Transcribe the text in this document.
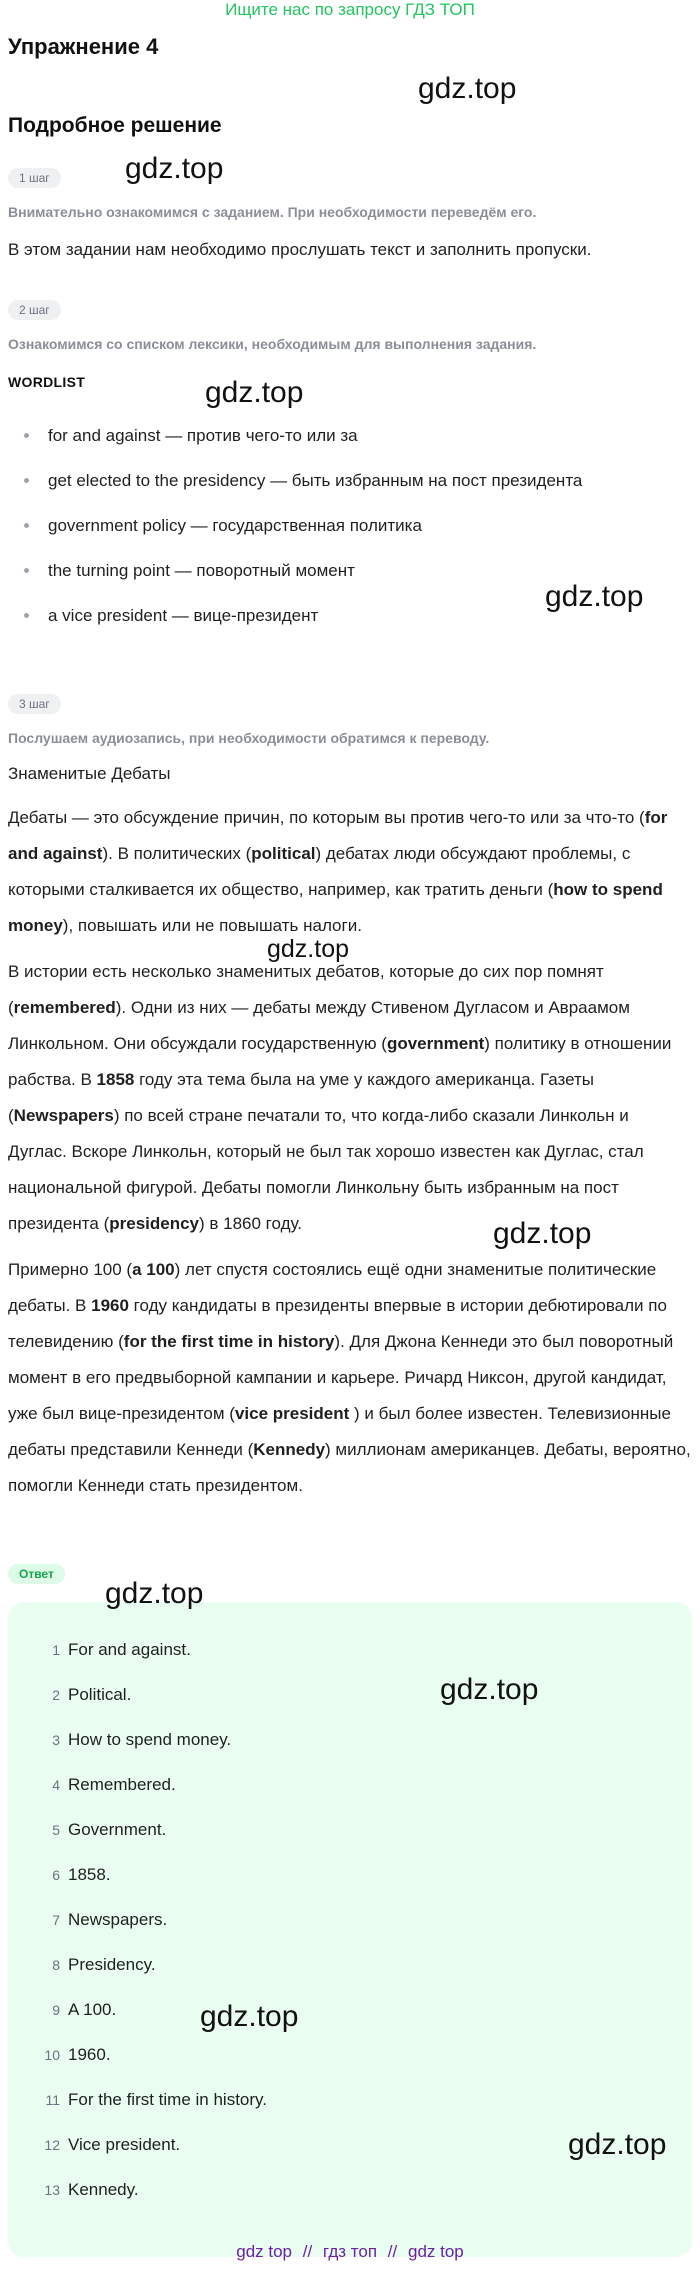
Ищите нас по запросу ГДЗ ТОП
Упражнение 4
Подробное решение
1 шаг
Внимательно ознакомимся с заданием. При необходимости переведём его.
В этом задании нам необходимо прослушать текст и заполнить пропуски.
2 шаг
Ознакомимся со списком лексики, необходимым для выполнения задания.
WORDLIST
for and against — против чего-то или за
get elected to the presidency — быть избранным на пост президента
government policy — государственная политика
the turning point — поворотный момент
a vice president — вице-президент
3 шаг
Послушаем аудиозапись, при необходимости обратимся к переводу.
Знаменитые Дебаты
Дебаты — это обсуждение причин, по которым вы против чего-то или за что-то (for and against). В политических (political) дебатах люди обсуждают проблемы, с которыми сталкивается их общество, например, как тратить деньги (how to spend money), повышать или не повышать налоги.
В истории есть несколько знаменитых дебатов, которые до сих пор помнят (remembered). Одни из них — дебаты между Стивеном Дугласом и Авраамом Линкольном. Они обсуждали государственную (government) политику в отношении рабства. В 1858 году эта тема была на уме у каждого американца. Газеты (Newspapers) по всей стране печатали то, что когда-либо сказали Линкольн и Дуглас. Вскоре Линкольн, который не был так хорошо известен как Дуглас, стал национальной фигурой. Дебаты помогли Линкольну быть избранным на пост президента (presidency) в 1860 году.
Примерно 100 (a 100) лет спустя состоялись ещё одни знаменитые политические дебаты. В 1960 году кандидаты в президенты впервые в истории дебютировали по телевидению (for the first time in history). Для Джона Кеннеди это был поворотный момент в его предвыборной кампании и карьере. Ричард Никсон, другой кандидат, уже был вице-президентом (vice president ) и был более известен. Телевизионные дебаты представили Кеннеди (Kennedy) миллионам американцев. Дебаты, вероятно, помогли Кеннеди стать президентом.
Ответ
1 For and against.
2 Political.
3 How to spend money.
4 Remembered.
5 Government.
6 1858.
7 Newspapers.
8 Presidency.
9 A 100.
10 1960.
11 For the first time in history.
12 Vice president.
13 Kennedy.
gdz.top
gdz.top
gdz.top
gdz.top
gdz.top
gdz.top
gdz.top
gdz.top
gdz.top
gdz.top
gdz top // гдз топ // gdz top
